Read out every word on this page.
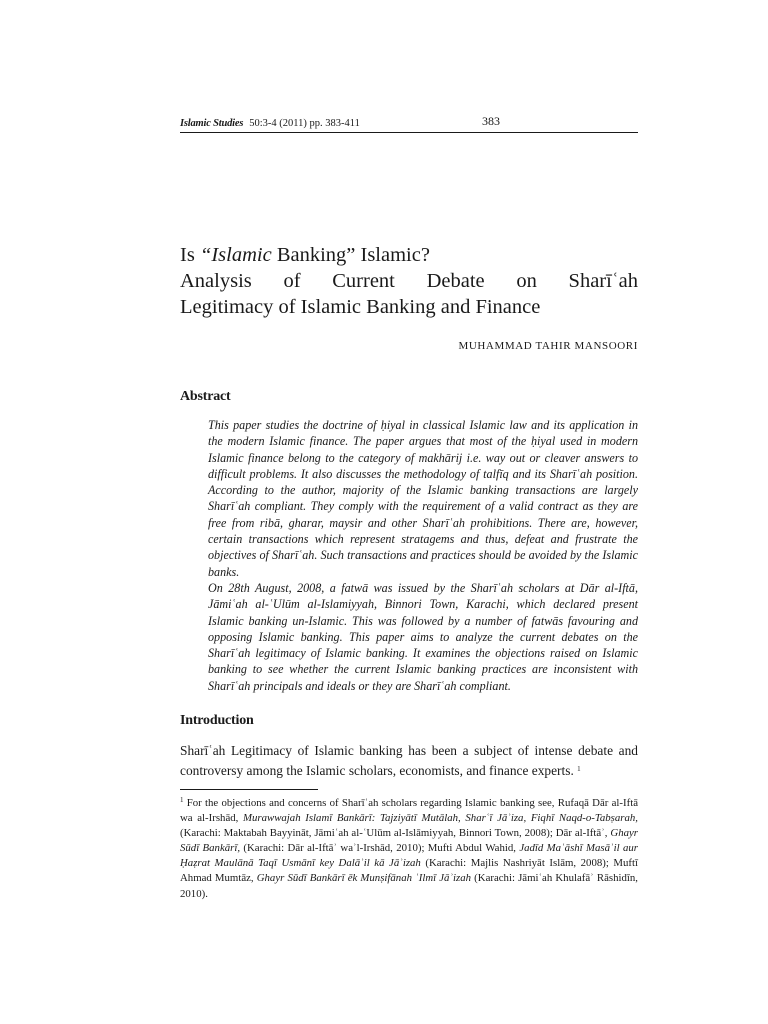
Islamic Studies 50:3-4 (2011) pp. 383-411	383
Is “Islamic Banking” Islamic?
Analysis of Current Debate on Sharīʿah
Legitimacy of Islamic Banking and Finance
MUHAMMAD TAHIR MANSOORI
Abstract

This paper studies the doctrine of ḥiyal in classical Islamic law and its application in the modern Islamic finance. The paper argues that most of the ḥiyal used in modern Islamic finance belong to the category of makhārij i.e. way out or cleaver answers to difficult problems. It also discusses the methodology of talfīq and its Sharīʿah position. According to the author, majority of the Islamic banking transactions are largely Sharīʿah compliant. They comply with the requirement of a valid contract as they are free from ribā, gharar, maysir and other Sharīʿah prohibitions. There are, however, certain transactions which represent stratagems and thus, defeat and frustrate the objectives of Sharīʿah. Such transactions and practices should be avoided by the Islamic banks.

On 28th August, 2008, a fatwā was issued by the Sharīʿah scholars at Dār al-Iftā, Jāmiʿah al-ʿUlūm al-Islamiyyah, Binnori Town, Karachi, which declared present Islamic banking un-Islamic. This was followed by a number of fatwās favouring and opposing Islamic banking. This paper aims to analyze the current debates on the Sharīʿah legitimacy of Islamic banking. It examines the objections raised on Islamic banking to see whether the current Islamic banking practices are inconsistent with Sharīʿah principals and ideals or they are Sharīʿah compliant.

Introduction

Sharīʿah Legitimacy of Islamic banking has been a subject of intense debate and controversy among the Islamic scholars, economists, and finance experts. $^1$

$^1$ For the objections and concerns of Sharīʿah scholars regarding Islamic banking see, Rufaqā Dār al-Iftā wa al-Irshād, Murawwajah Islamī Bankārī: Tajziyātī Mutālah, Sharʿī Jāʾiza, Fiqhī Naqd-o-Tabṣarah, (Karachi: Maktabah Bayyināt, Jāmiʿah al-ʿUlūm al-Islāmiyyah, Binnori Town, 2008); Dār al-Iftāʾ, Ghayr Sūdī Bankārī, (Karachi: Dār al-Iftāʾ waʾl-Irshād, 2010); Mufti Abdul Wahid, Jadīd Maʿāshī Masāʾil aur Ḥaẓrat Maulānā Taqī Usmānī key Dalāʾil kā Jāʾizah (Karachi: Majlis Nashriyāt Islām, 2008); Muftī Ahmad Mumtāz, Ghayr Sūdī Bankārī ēk Munṣifānah ʿIlmī Jāʾizah (Karachi: Jāmiʿah Khulafāʾ Rāshidīn, 2010).
